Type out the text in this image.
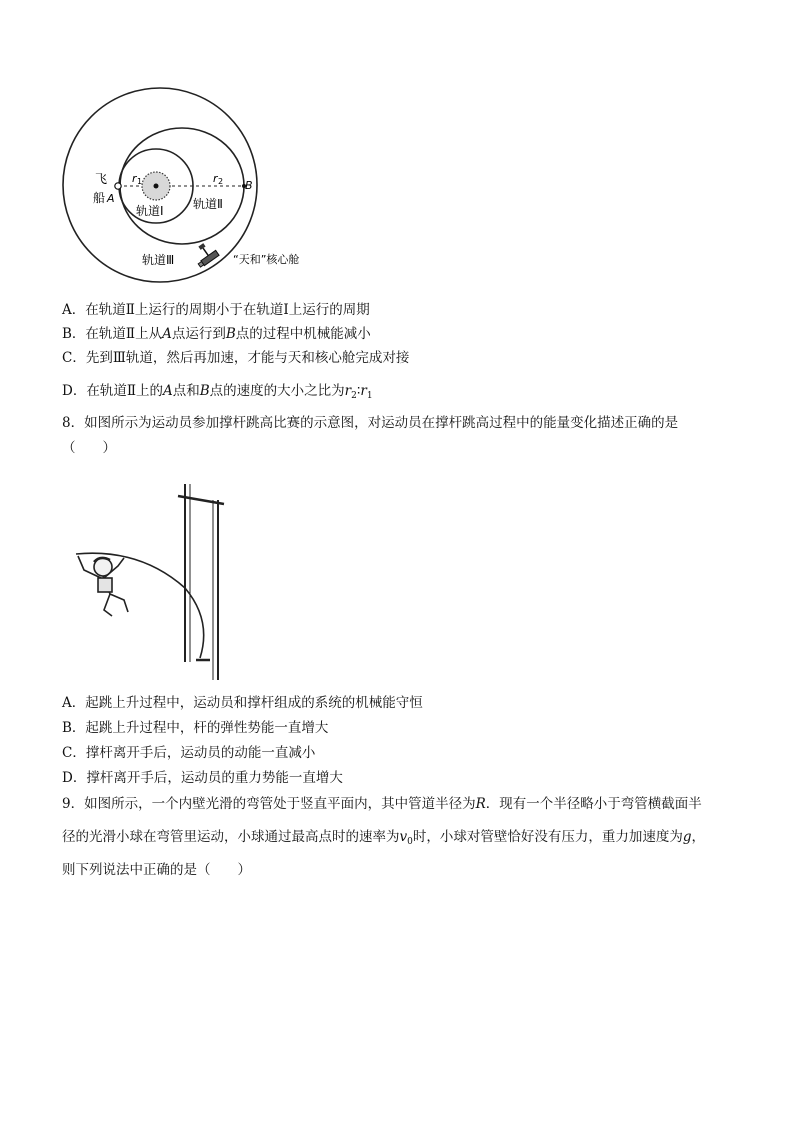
飞
船 A
r 1	r 2 B
轨道Ⅰ 轨道Ⅱ
轨道Ⅲ	“天和”核心舱
A．在轨道Ⅱ上运行的周期小于在轨道Ⅰ上运行的周期
B．在轨道Ⅱ上从A点运行到B点的过程中机械能减小
C．先到Ⅲ轨道，然后再加速，才能与天和核心舱完成对接
D．在轨道Ⅱ上的A点和B点的速度的大小之比为$r_2∶r_1$
8．如图所示为运动员参加撑杆跳高比赛的示意图，对运动员在撑杆跳高过程中的能量变化描述正确的是
（　　）
A．起跳上升过程中，运动员和撑杆组成的系统的机械能守恒
B．起跳上升过程中，杆的弹性势能一直增大
C．撑杆离开手后，运动员的动能一直减小
D．撑杆离开手后，运动员的重力势能一直增大
9．如图所示，一个内壁光滑的弯管处于竖直平面内，其中管道半径为R．现有一个半径略小于弯管横截面半
径的光滑小球在弯管里运动，小球通过最高点时的速率为$v_0$时，小球对管壁恰好没有压力，重力加速度为g，
则下列说法中正确的是（　　）
